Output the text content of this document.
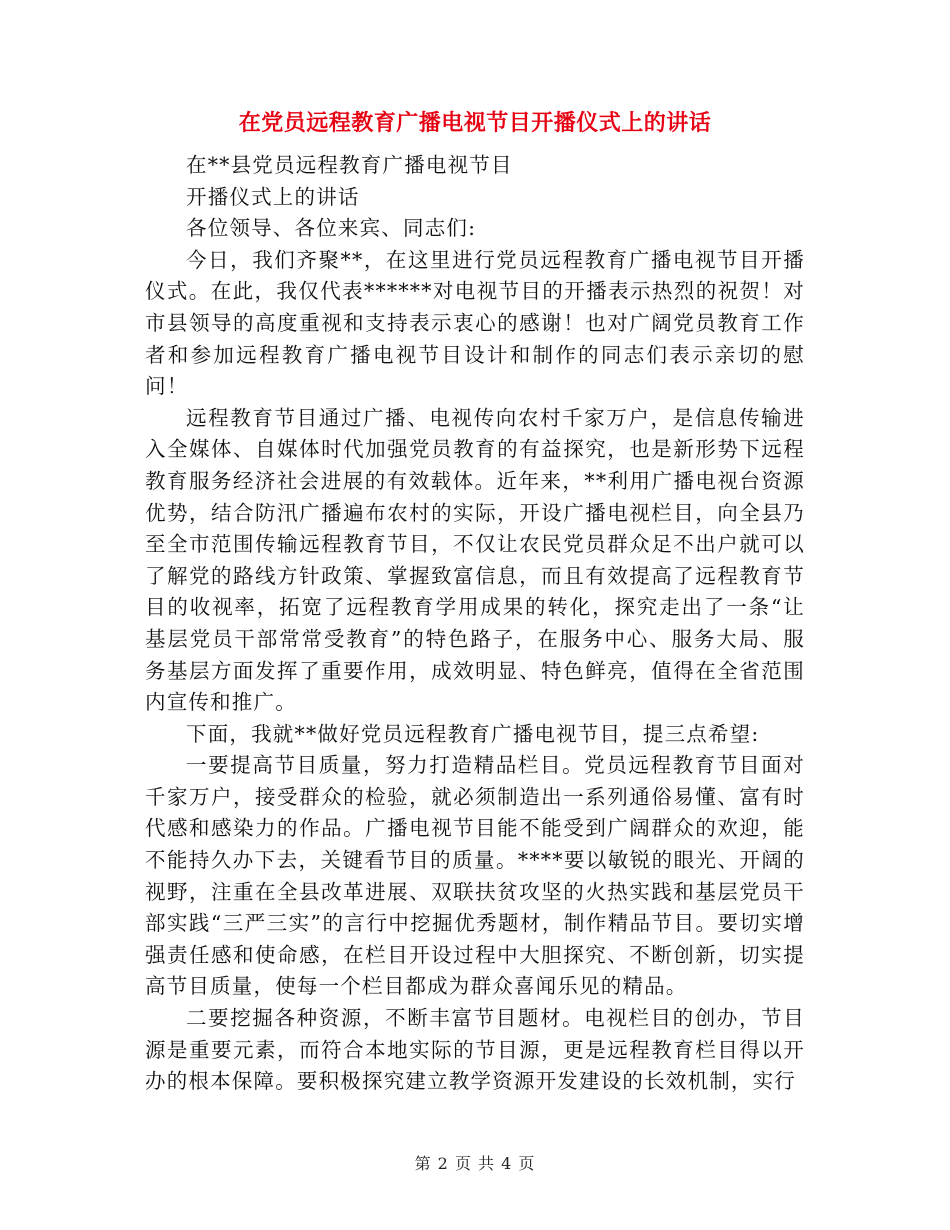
在党员远程教育广播电视节目开播仪式上的讲话

在**县党员远程教育广播电视节目

开播仪式上的讲话

各位领导、各位来宾、同志们:

今日，我们齐聚**，在这里进行党员远程教育广播电视节目开播仪式。在此，我仅代表******对电视节目的开播表示热烈的祝贺！对市县领导的高度重视和支持表示衷心的感谢！也对广阔党员教育工作者和参加远程教育广播电视节目设计和制作的同志们表示亲切的慰问！

远程教育节目通过广播、电视传向农村千家万户，是信息传输进入全媒体、自媒体时代加强党员教育的有益探究，也是新形势下远程教育服务经济社会进展的有效载体。近年来，**利用广播电视台资源优势，结合防汛广播遍布农村的实际，开设广播电视栏目，向全县乃至全市范围传输远程教育节目，不仅让农民党员群众足不出户就可以了解党的路线方针政策、掌握致富信息，而且有效提高了远程教育节目的收视率，拓宽了远程教育学用成果的转化，探究走出了一条“让基层党员干部常常受教育”的特色路子，在服务中心、服务大局、服务基层方面发挥了重要作用，成效明显、特色鲜亮，值得在全省范围内宣传和推广。

下面，我就**做好党员远程教育广播电视节目，提三点希望:

一要提高节目质量，努力打造精品栏目。党员远程教育节目面对千家万户，接受群众的检验，就必须制造出一系列通俗易懂、富有时代感和感染力的作品。广播电视节目能不能受到广阔群众的欢迎，能不能持久办下去，关键看节目的质量。****要以敏锐的眼光、开阔的视野，注重在全县改革进展、双联扶贫攻坚的火热实践和基层党员干部实践“三严三实”的言行中挖掘优秀题材，制作精品节目。要切实增强责任感和使命感，在栏目开设过程中大胆探究、不断创新，切实提高节目质量，使每一个栏目都成为群众喜闻乐见的精品。

二要挖掘各种资源，不断丰富节目题材。电视栏目的创办，节目源是重要元素，而符合本地实际的节目源，更是远程教育栏目得以开办的根本保障。要积极探究建立教学资源开发建设的长效机制，实行

第 2 页 共 4 页
